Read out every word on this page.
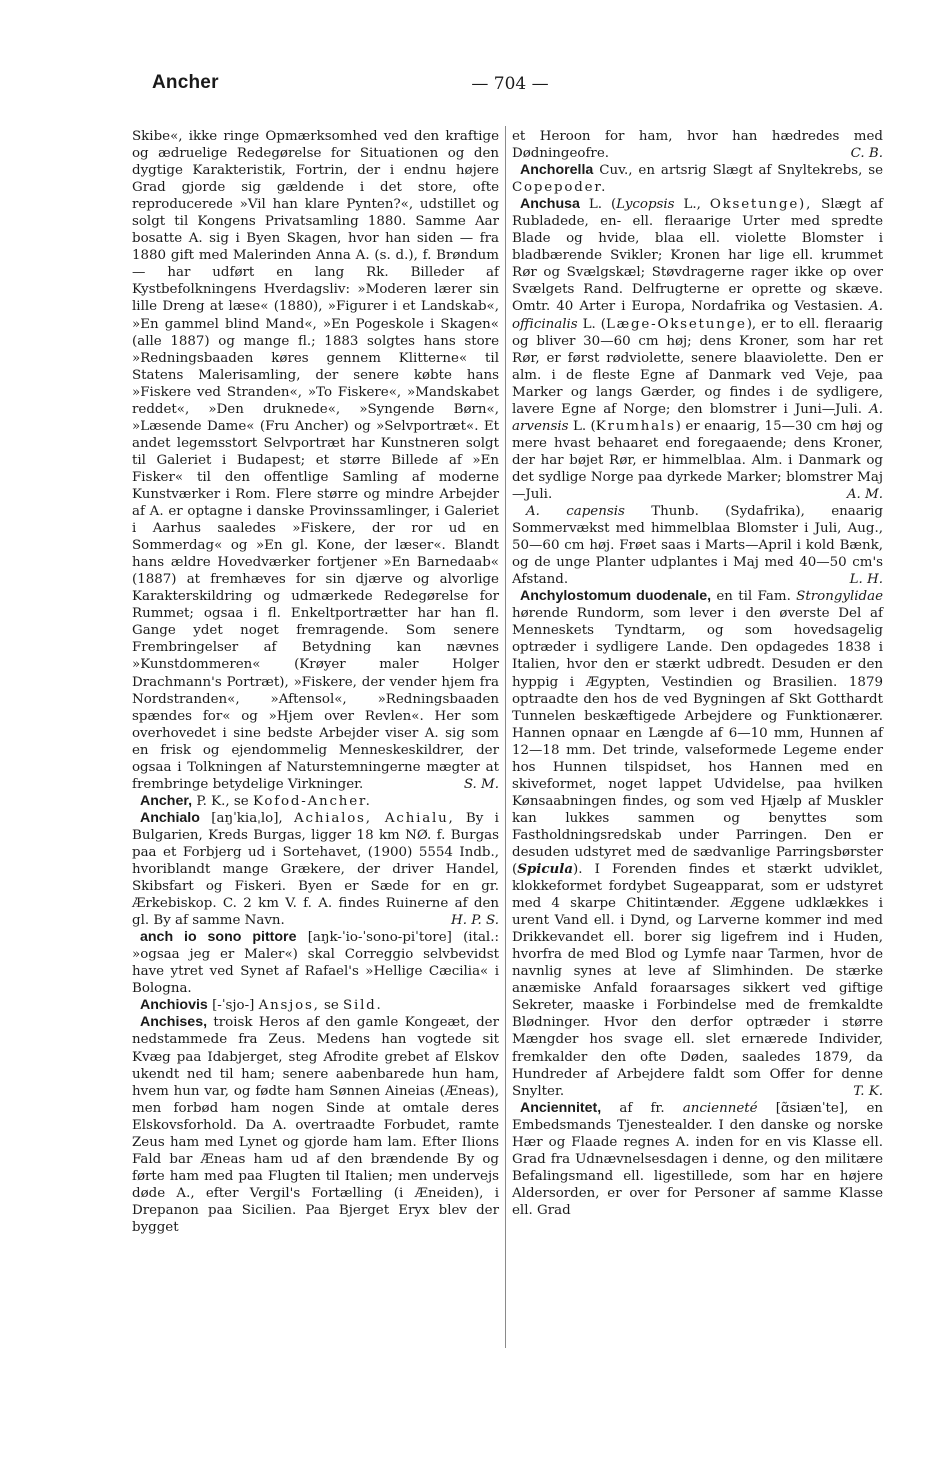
Ancher	— 704 —

Skibe«, ikke ringe Opmærksomhed ved den kraftige og ædruelige Redegørelse for Situationen og den dygtige Karakteristik, Fortrin, der i endnu højere Grad gjorde sig gældende i det store, ofte reproducerede »Vil han klare Pynten?«, udstillet og solgt til Kongens Privatsamling 1880. Samme Aar bosatte A. sig i Byen Skagen, hvor han siden — fra 1880 gift med Malerinden Anna A. (s. d.), f. Brøndum — har udført en lang Rk. Billeder af Kystbefolkningens Hverdagsliv: »Moderen lærer sin lille Dreng at læse« (1880), »Figurer i et Landskab«, »En gammel blind Mand«, »En Pogeskole i Skagen« (alle 1887) og mange fl.; 1883 solgtes hans store »Redningsbaaden køres gennem Klitterne« til Statens Malerisamling, der senere købte hans »Fiskere ved Stranden«, »To Fiskere«, »Mandskabet reddet«, »Den druknede«, »Syngende Børn«, »Læsende Dame« (Fru Ancher) og »Selvportræt«. Et andet legemsstort Selvportræt har Kunstneren solgt til Galeriet i Budapest; et større Billede af »En Fisker« til den offentlige Samling af moderne Kunstværker i Rom. Flere større og mindre Arbejder af A. er optagne i danske Provinssamlinger, i Galeriet i Aarhus saaledes »Fiskere, der ror ud en Sommerdag« og »En gl. Kone, der læser«. Blandt hans ældre Hovedværker fortjener »En Barnedaab« (1887) at fremhæves for sin djærve og alvorlige Karakterskildring og udmærkede Redegørelse for Rummet; ogsaa i fl. Enkeltportrætter har han fl. Gange ydet noget fremragende. Som senere Frembringelser af Betydning kan nævnes »Kunstdommeren« (Krøyer maler Holger Drachmann's Portræt), »Fiskere, der vender hjem fra Nordstranden«, »Aftensol«, »Redningsbaaden spændes for« og »Hjem over Revlen«. Her som overhovedet i sine bedste Arbejder viser A. sig som en frisk og ejendommelig Menneskeskildrer, der ogsaa i Tolkningen af Naturstemningerne mægter at frembringe betydelige Virkninger.	S. M.

Ancher, P. K., se Kofod-Ancher.

Anchialo [aŋˈkiaˌlo], Achialos, Achialu, By i Bulgarien, Kreds Burgas, ligger 18 km NØ. f. Burgas paa et Forbjerg ud i Sortehavet, (1900) 5554 Indb., hvoriblandt mange Grækere, der driver Handel, Skibsfart og Fiskeri. Byen er Sæde for en gr. Ærkebiskop. C. 2 km V. f. A. findes Ruinerne af den gl. By af samme Navn.	H. P. S.

anch io sono pittore [aŋk-ˈio-ˈsono-piˈtore] (ital.: »ogsaa jeg er Maler«) skal Correggio selvbevidst have ytret ved Synet af Rafael's »Hellige Cæcilia« i Bologna.

Anchiovis [-ˈsjo-] Ansjos, se Sild.

Anchises, troisk Heros af den gamle Kongeæt, der nedstammede fra Zeus. Medens han vogtede sit Kvæg paa Idabjerget, steg Afrodite grebet af Elskov ukendt ned til ham; senere aabenbarede hun ham, hvem hun var, og fødte ham Sønnen Aineias (Æneas), men forbød ham nogen Sinde at omtale deres Elskovsforhold. Da A. overtraadte Forbudet, ramte Zeus ham med Lynet og gjorde ham lam. Efter Ilions Fald bar Æneas ham ud af den brændende By og førte ham med paa Flugten til Italien; men undervejs døde A., efter Vergil's Fortælling (i Æneiden), i Drepanon paa Sicilien. Paa Bjerget Eryx blev der bygget

et Heroon for ham, hvor han hædredes med Dødningeofre.	C. B.

Anchorella Cuv., en artsrig Slægt af Snyltekrebs, se Copepoder.

Anchusa L. (Lycopsis L., Oksetunge), Slægt af Rubladede, en- ell. fleraarige Urter med spredte Blade og hvide, blaa ell. violette Blomster i bladbærende Svikler; Kronen har lige ell. krummet Rør og Svælgskæl; Støvdragerne rager ikke op over Svælgets Rand. Delfrugterne er oprette og skæve. Omtr. 40 Arter i Europa, Nordafrika og Vestasien. A. officinalis L. (Læge-Oksetunge), er to ell. fleraarig og bliver 30—60 cm høj; dens Kroner, som har ret Rør, er først rødviolette, senere blaaviolette. Den er alm. i de fleste Egne af Danmark ved Veje, paa Marker og langs Gærder, og findes i de sydligere, lavere Egne af Norge; den blomstrer i Juni—Juli. A. arvensis L. (Krumhals) er enaarig, 15—30 cm høj og mere hvast behaaret end foregaaende; dens Kroner, der har bøjet Rør, er himmelblaa. Alm. i Danmark og det sydlige Norge paa dyrkede Marker; blomstrer Maj—Juli.	A. M.

A. capensis Thunb. (Sydafrika), enaarig Sommervækst med himmelblaa Blomster i Juli, Aug., 50—60 cm høj. Frøet saas i Marts—April i kold Bænk, og de unge Planter udplantes i Maj med 40—50 cm's Afstand.	L. H.

Anchylostomum duodenale, en til Fam. Strongylidae hørende Rundorm, som lever i den øverste Del af Menneskets Tyndtarm, og som hovedsagelig optræder i sydligere Lande. Den opdagedes 1838 i Italien, hvor den er stærkt udbredt. Desuden er den hyppig i Ægypten, Vestindien og Brasilien. 1879 optraadte den hos de ved Bygningen af Skt Gotthardt Tunnelen beskæftigede Arbejdere og Funktionærer. Hannen opnaar en Længde af 6—10 mm, Hunnen af 12—18 mm. Det trinde, valseformede Legeme ender hos Hunnen tilspidset, hos Hannen med en skiveformet, noget lappet Udvidelse, paa hvilken Kønsaabningen findes, og som ved Hjælp af Muskler kan lukkes sammen og benyttes som Fastholdningsredskab under Parringen. Den er desuden udstyret med de sædvanlige Parringsbørster (Spicula). I Forenden findes et stærkt udviklet, klokkeformet fordybet Sugeapparat, som er udstyret med 4 skarpe Chitintænder. Æggene udklækkes i urent Vand ell. i Dynd, og Larverne kommer ind med Drikkevandet ell. borer sig ligefrem ind i Huden, hvorfra de med Blod og Lymfe naar Tarmen, hvor de navnlig synes at leve af Slimhinden. De stærke anæmiske Anfald foraarsages sikkert ved giftige Sekreter, maaske i Forbindelse med de fremkaldte Blødninger. Hvor den derfor optræder i større Mængder hos svage ell. slet ernærede Individer, fremkalder den ofte Døden, saaledes 1879, da Hundreder af Arbejdere faldt som Offer for denne Snylter.	T. K.

Anciennitet, af fr. ancienneté [ɑ̃siænˈte], en Embedsmands Tjenestealder. I den danske og norske Hær og Flaade regnes A. inden for en vis Klasse ell. Grad fra Udnævnelsesdagen i denne, og den militære Befalingsmand ell. ligestillede, som har en højere Aldersorden, er over for Personer af samme Klasse ell. Grad
